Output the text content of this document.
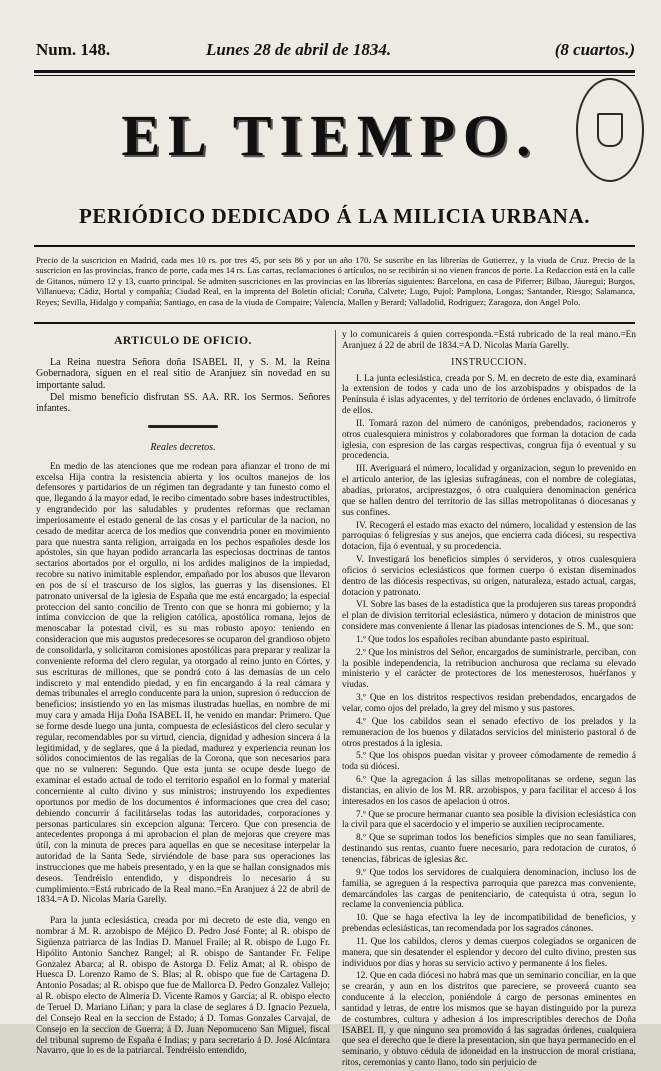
Num. 148.	Lunes 28 de abril de 1834.	(8 cuartos.)
EL TIEMPO.
PERIÓDICO DEDICADO Á LA MILICIA URBANA.
Precio de la suscricion en Madrid, cada mes 10 rs. por tres 45, por seis 86 y por un año 170. Se suscribe en las librerías de Gutierrez, y la viuda de Cruz. Precio de la suscricion en las provincias, franco de porte, cada mes 14 rs. Las cartas, reclamaciones ó artículos, no se recibirán si no vienen francos de porte. La Redaccion está en la calle de Gitanos, número 12 y 13, cuarto principal. Se admiten suscriciones en las provincias en las librerías siguientes: Barcelona, en casa de Piferrer; Bilbao, Jáuregui; Burgos, Villanueva; Cádiz, Hortal y compañía; Ciudad Real, en la imprenta del Boletin oficial; Coruña, Calvete; Lugo, Pujol; Pamplona, Longas; Santander, Riesgo; Salamanca, Reyes; Sevilla, Hidalgo y compañía; Santiago, en casa de la viuda de Compaire; Valencia, Mallen y Berard; Valladolid, Rodriguez; Zaragoza, don Angel Polo.

ARTICULO DE OFICIO.

La Reina nuestra Señora doña ISABEL II, y S. M. la Reina Gobernadora, siguen en el real sitio de Aranjuez sin novedad en su importante salud.

Del mismo beneficio disfrutan SS. AA. RR. los Sermos. Señores infantes.

Reales decretos.

En medio de las atenciones que me rodean para afianzar el trono de mi excelsa Hija contra la resistencia abierta y los ocultos manejos de los defensores y partidarios de un régimen tan degradante y tan funesto como el que, llegando á la mayor edad, le recibo cimentado sobre bases indestructibles, y engrandecido por las saludables y prudentes reformas que reclaman imperiosamente el estado general de las cosas y el particular de la nacion, no cesado de meditar acerca de los medios que convendria poner en movimiento para que nuestra santa religion, arraigada en los pechos españoles desde los apóstoles, sin que hayan podido arrancarla las especiosas doctrinas de tantos sectarios abortados por el orgullo, ni los ardides maliginos de la impiedad, recobre su nativo inimitable esplendor, empañado por los abusos que llevaron en pos de sí el trascurso de los siglos, las guerras y las disensiones. El patronato universal de la iglesia de España que me está encargado; la especial proteccion del santo concilio de Trento con que se honra mi gobierno; y la íntima conviccion de que la religion católica, apostólica romana, lejos de menoscabar la potestad civil, es su mas robusto apoyo: teniendo en consideracion que mis augustos predecesores se ocuparon del grandioso objeto de consolidarla, y solicitaron comisiones apostólicas para preparar y realizar la conveniente reforma del clero regular, ya otorgado al reino junto en Córtes, y sus escrituras de millones, que se pondrá coto á las demasías de un celo indiscreto y mal entendido piedad, y en fin encargando á la real cámara y demas tribunales el arreglo conducente para la union, supresion ó reduccion de beneficios; insistiendo yo en las mismas ilustradas huellas, en nombre de mi muy cara y amada Hija Doña ISABEL II, he venido en mandar: Primero. Que se forme desde luego una junta, compuesta de eclesiásticos del clero secular y regular, recomendables por su virtud, ciencia, dignidad y adhesion sincera á la legitimidad, y de seglares, que á la piedad, madurez y experiencia reunan los sólidos conocimientos de las regalías de la Corona, que son necesarios para que no se vulneren: Segundo. Que esta junta se ocupe desde luego de examinar el estado actual de todo el territorio español en lo formal y material concerniente al culto divino y sus ministros; instruyendo los expedientes oportunos por medio de los documentos é informaciones que crea del caso; debiendo concurrir á facilitárselas todas las autoridades, corporaciones y personas particulares sin excepcion alguna: Tercero. Que con presencia de antecedentes proponga á mi aprobacion el plan de mejoras que creyere mas útil, con la minuta de preces para aquellas en que se necesitase interpelar la autoridad de la Santa Sede, sirviéndole de base para sus operaciones las instrucciones que me habeis presentado, y en la que se hallan consignados mis deseos. Tendréislo entendido, y dispondreis lo necesario á su cumplimiento.=Está rubricado de la Real mano.=En Aranjuez á 22 de abril de 1834.=A D. Nicolas María Garelly.

Para la junta eclesiástica, creada por mi decreto de este dia, vengo en nombrar á M. R. arzobispo de Méjico D. Pedro José Fonte; al R. obispo de Sigüenza patriarca de las Indias D. Manuel Fraile; al R. obispo de Lugo Fr. Hipólito Antonio Sanchez Rangel; al R. obispo de Santander Fr. Felipe Gonzalez Abarca; al R. obispo de Astorga D. Feliz Amat; al R. obispo de Huesca D. Lorenzo Ramo de S. Blas; al R. obispo que fue de Cartagena D. Antonio Posadas; al R. obispo que fue de Mallorca D. Pedro Gonzalez Vallejo; al R. obispo electo de Almería D. Vicente Ramos y García; al R. obispo electo de Teruel D. Mariano Liñan; y para la clase de seglares á D. Ignacio Pezuela, del Consejo Real en la seccion de Estado; á D. Tomas Gonzales Carvajal, de Consejo en la seccion de Guerra; á D. Juan Nepomuceno San Miguel, fiscal del tribunal supremo de España é Indias; y para secretario á D. José Alcántara Navarro, que lo es de la patriarcal. Tendréislo entendido,

y lo comunicareis á quien corresponda.=Está rubricado de la real mano.=En Aranjuez á 22 de abril de 1834.=A D. Nicolas María Garelly.

INSTRUCCION.

I. La junta eclesiástica, creada por S. M. en decreto de este dia, examinará la extension de todos y cada uno de los arzobispados y obispados de la Península é islas adyacentes, y del territorio de órdenes enclavado, ó limítrofe de ellos.

II. Tomará razon del número de canónigos, prebendados, racioneros y otros cualesquiera ministros y colaboradores que forman la dotacion de cada iglesia, con espresion de las cargas respectivas, congrua fija ó eventual y su procedencia.

III. Averiguará el número, localidad y organizacion, segun lo prevenido en el artículo anterior, de las iglesias sufragáneas, con el nombre de colegiatas, abadías, prioratos, arciprestazgos, ó otra cualquiera denominacion genérica que se hallen dentro del territorio de las sillas metropolitanas ó diocesanas y sus confines.

IV. Recogerá el estado mas exacto del número, localidad y estension de las parroquias ó feligresías y sus anejos, que encierra cada diócesi, su respectiva dotacion, fija ó eventual, y su procedencia.

V. Investigará los beneficios simples ó servideros, y otros cualesquiera oficios ó servicios eclesiásticos que formen cuerpo ó existan diseminados dentro de las diócesis respectivas, su origen, naturaleza, estado actual, cargas, dotacion y patronato.

VI. Sobre las bases de la estadística que la produjeren sus tareas propondrá el plan de division territorial eclesiástica, número y dotacion de ministros que considere mas conveniente á llenar las piadosas intenciones de S. M., que son:

1.º Que todos los españoles reciban abundante pasto espiritual.

2.º Que los ministros del Señor, encargados de suministrarle, perciban, con la posible independencia, la retribucion anchurosa que reclama su elevado ministerio y el carácter de protectores de los menesterosos, huérfanos y viudas.

3.º Que en los distritos respectivos residan prebendados, encargados de velar, como ojos del prelado, la grey del mismo y sus pastores.

4.º Que los cabildos sean el senado efectivo de los prelados y la remuneracion de los buenos y dilatados servicios del ministerio pastoral ó de otros prestados á la iglesia.

5.º Que los obispos puedan visitar y proveer cómodamente de remedio á toda su diócesi.

6.º Que la agregacion á las sillas metropolitanas se ordene, segun las distancias, en alivio de los M. RR. arzobispos, y para facilitar el acceso á los interesados en los casos de apelacion ú otros.

7.º Que se procure hermanar cuanto sea posible la division eclesiástica con la civil para que el sacerdocio y el imperio se auxilien recíprocamente.

8.º Que se supriman todos los beneficios simples que no sean familiares, destinando sus rentas, cuanto fuere necesario, para redotacion de curatos, ó tenencias, fábricas de iglesias &c.

9.º Que todos los servidores de cualquiera denominacion, incluso los de familia, se agreguen á la respectiva parroquia que parezca mas conveniente, demarcándoles las cargas de penitenciario, de catequista ú otra, segun lo reclame la conveniencia pública.

10. Que se haga efectiva la ley de incompatibilidad de beneficios, y prebendas eclesiásticas, tan recomendada por los sagrados cánones.

11. Que los cabildos, cleros y demas cuerpos colegiados se organicen de manera, que sin desatender el esplendor y decoro del culto divino, presten sus individuos por días y horas su servicio activo y permanente á los fieles.

12. Que en cada diócesi no habrá mas que un seminario conciliar, en la que se crearán, y aun en los distritos que pareciere, se proveerá cuanto sea conducente á la eleccion, poniéndole á cargo de personas eminentes en santidad y letras, de entre los mismos que se hayan distinguido por la pureza de costumbres, cultura y adhesion á los imprescriptibles derechos de Doña ISABEL II, y que ninguno sea promovido á las sagradas órdenes, cualquiera que sea el derecho que le diere la presentacion, sin que haya permanecido en el seminario, y obtuvo cédula de idoneidad en la instruccion de moral cristiana, ritos, ceremonias y canto llano, todo sin perjuicio de
